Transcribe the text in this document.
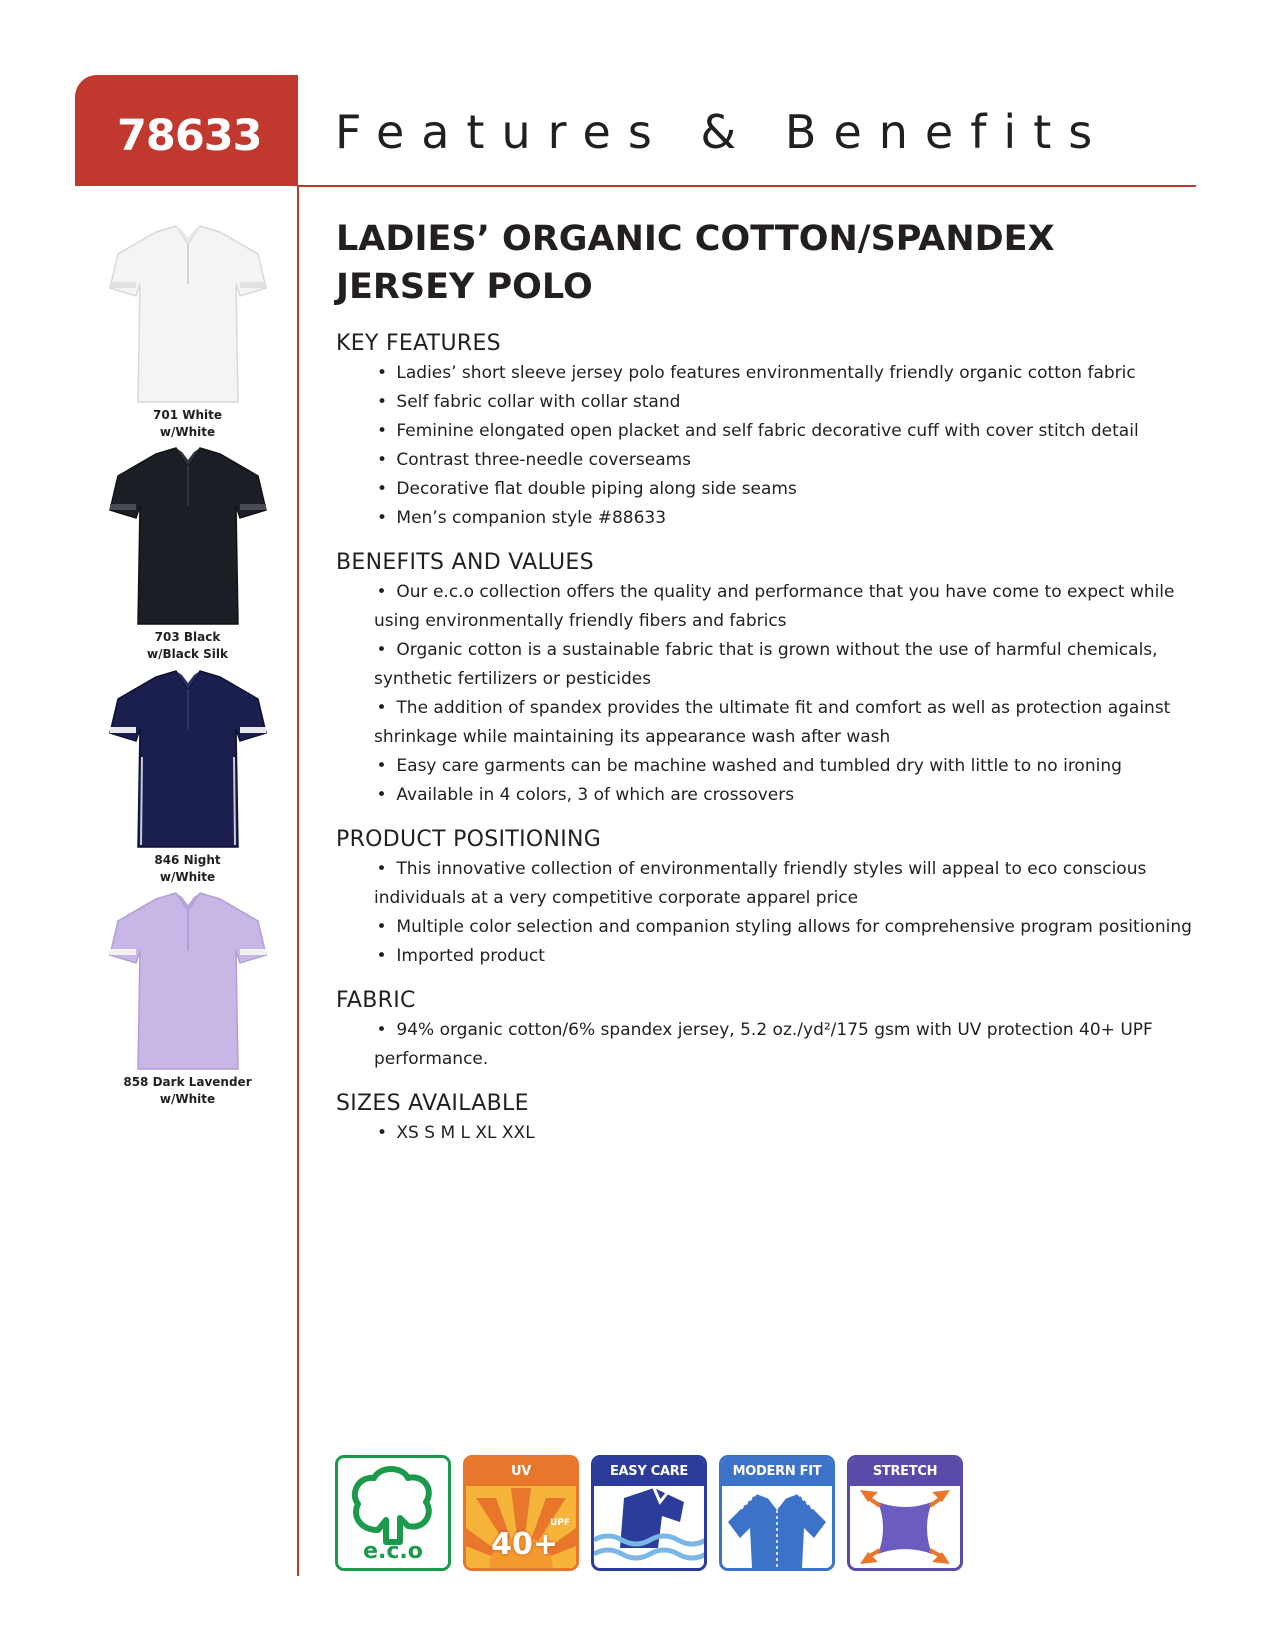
78633 Features & Benefits
701 White
w/White
703 Black
w/Black Silk
846 Night
w/White
858 Dark Lavender
w/White
LADIES’ ORGANIC COTTON/SPANDEX
JERSEY POLO
KEY FEATURES
• Ladies’ short sleeve jersey polo features environmentally friendly organic cotton fabric
• Self fabric collar with collar stand
• Feminine elongated open placket and self fabric decorative cuff with cover stitch detail
• Contrast three-needle coverseams
• Decorative flat double piping along side seams
• Men’s companion style #88633
BENEFITS AND VALUES
• Our e.c.o collection offers the quality and performance that you have come to expect while using environmentally friendly fibers and fabrics
• Organic cotton is a sustainable fabric that is grown without the use of harmful chemicals, synthetic fertilizers or pesticides
• The addition of spandex provides the ultimate fit and comfort as well as protection against shrinkage while maintaining its appearance wash after wash
• Easy care garments can be machine washed and tumbled dry with little to no ironing
• Available in 4 colors, 3 of which are crossovers
PRODUCT POSITIONING
• This innovative collection of environmentally friendly styles will appeal to eco conscious individuals at a very competitive corporate apparel price
• Multiple color selection and companion styling allows for comprehensive program positioning
• Imported product
FABRIC
• 94% organic cotton/6% spandex jersey, 5.2 oz./yd²/175 gsm with UV protection 40+ UPF performance.
SIZES AVAILABLE
• XS S M L XL XXL
e.c.o
UV
40+
UPF
EASY CARE	MODERN FIT	STRETCH
